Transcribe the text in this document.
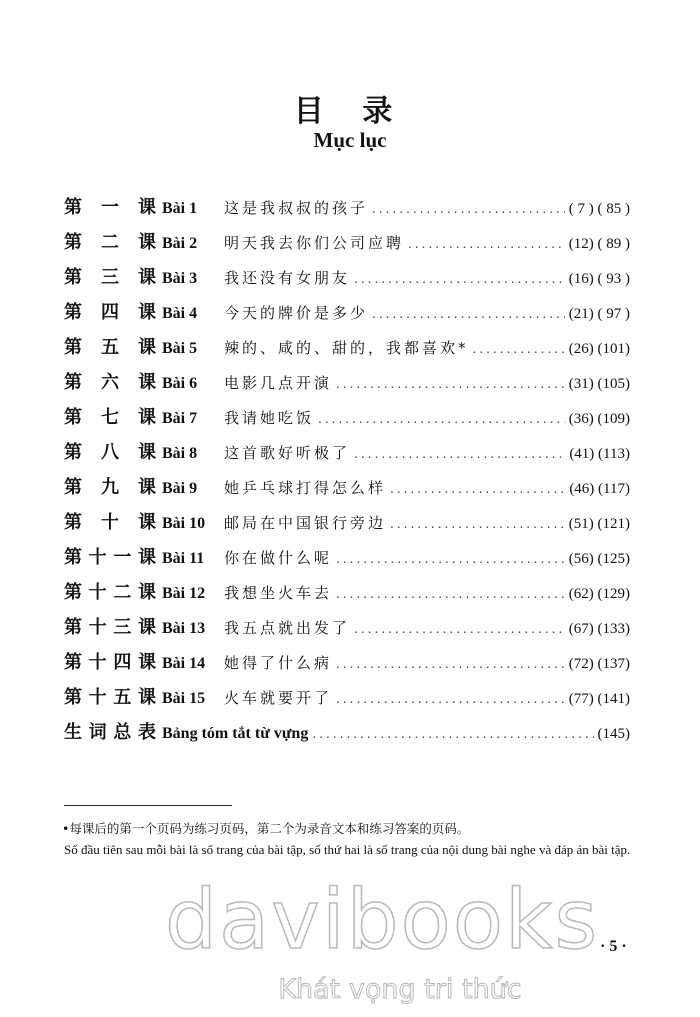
目 录
Mục lục
第一课 Bài 1	这是我叔叔的孩子 .....	( 7 ) ( 85 )
第二课 Bài 2	明天我去你们公司应聘 .....	(12) ( 89 )
第三课 Bài 3	我还没有女朋友 .....	(16) ( 93 )
第四课 Bài 4	今天的牌价是多少 .....	(21) ( 97 )
第五课 Bài 5	辣的、咸的、甜的，我都喜欢* .....	(26) (101)
第六课 Bài 6	电影几点开演 .....	(31) (105)
第七课 Bài 7	我请她吃饭 .....	(36) (109)
第八课 Bài 8	这首歌好听极了 .....	(41) (113)
第九课 Bài 9	她乒乓球打得怎么样 .....	(46) (117)
第十课 Bài 10	邮局在中国银行旁边 .....	(51) (121)
第十一课 Bài 11	你在做什么呢 .....	(56) (125)
第十二课 Bài 12	我想坐火车去 .....	(62) (129)
第十三课 Bài 13	我五点就出发了 .....	(67) (133)
第十四课 Bài 14	她得了什么病 .....	(72) (137)
第十五课 Bài 15	火车就要开了 .....	(77) (141)
生词总表 Bảng tóm tắt từ vựng .....	(145)
•每课后的第一个页码为练习页码，第二个为录音文本和练习答案的页码。
Số đầu tiên sau mỗi bài là số trang của bài tập, số thứ hai là số trang của nội dung bài nghe và đáp án bài tập.
davibooks
Khát vọng tri thức
· 5 ·
